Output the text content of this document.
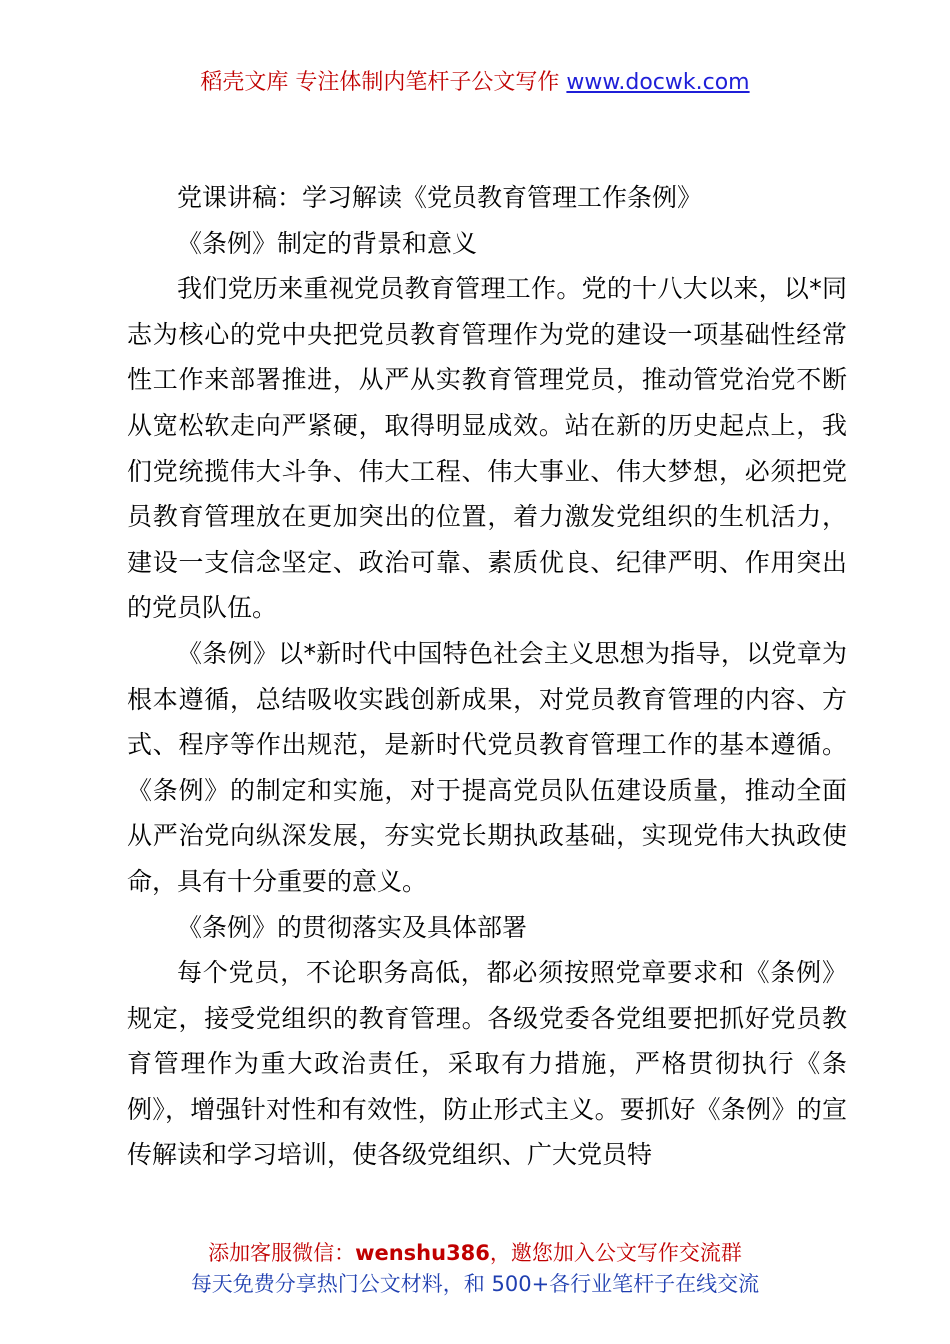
稻壳文库 专注体制内笔杆子公文写作 www.docwk.com

党课讲稿：学习解读《党员教育管理工作条例》

《条例》制定的背景和意义

我们党历来重视党员教育管理工作。党的十八大以来，以*同志为核心的党中央把党员教育管理作为党的建设一项基础性经常性工作来部署推进，从严从实教育管理党员，推动管党治党不断从宽松软走向严紧硬，取得明显成效。站在新的历史起点上，我们党统揽伟大斗争、伟大工程、伟大事业、伟大梦想，必须把党员教育管理放在更加突出的位置，着力激发党组织的生机活力，建设一支信念坚定、政治可靠、素质优良、纪律严明、作用突出的党员队伍。

《条例》以*新时代中国特色社会主义思想为指导，以党章为根本遵循，总结吸收实践创新成果，对党员教育管理的内容、方式、程序等作出规范，是新时代党员教育管理工作的基本遵循。《条例》的制定和实施，对于提高党员队伍建设质量，推动全面从严治党向纵深发展，夯实党长期执政基础，实现党伟大执政使命，具有十分重要的意义。

《条例》的贯彻落实及具体部署

每个党员，不论职务高低，都必须按照党章要求和《条例》规定，接受党组织的教育管理。各级党委各党组要把抓好党员教育管理作为重大政治责任，采取有力措施，严格贯彻执行《条例》，增强针对性和有效性，防止形式主义。要抓好《条例》的宣传解读和学习培训，使各级党组织、广大党员特

添加客服微信：wenshu386，邀您加入公文写作交流群
每天免费分享热门公文材料，和 500+各行业笔杆子在线交流
